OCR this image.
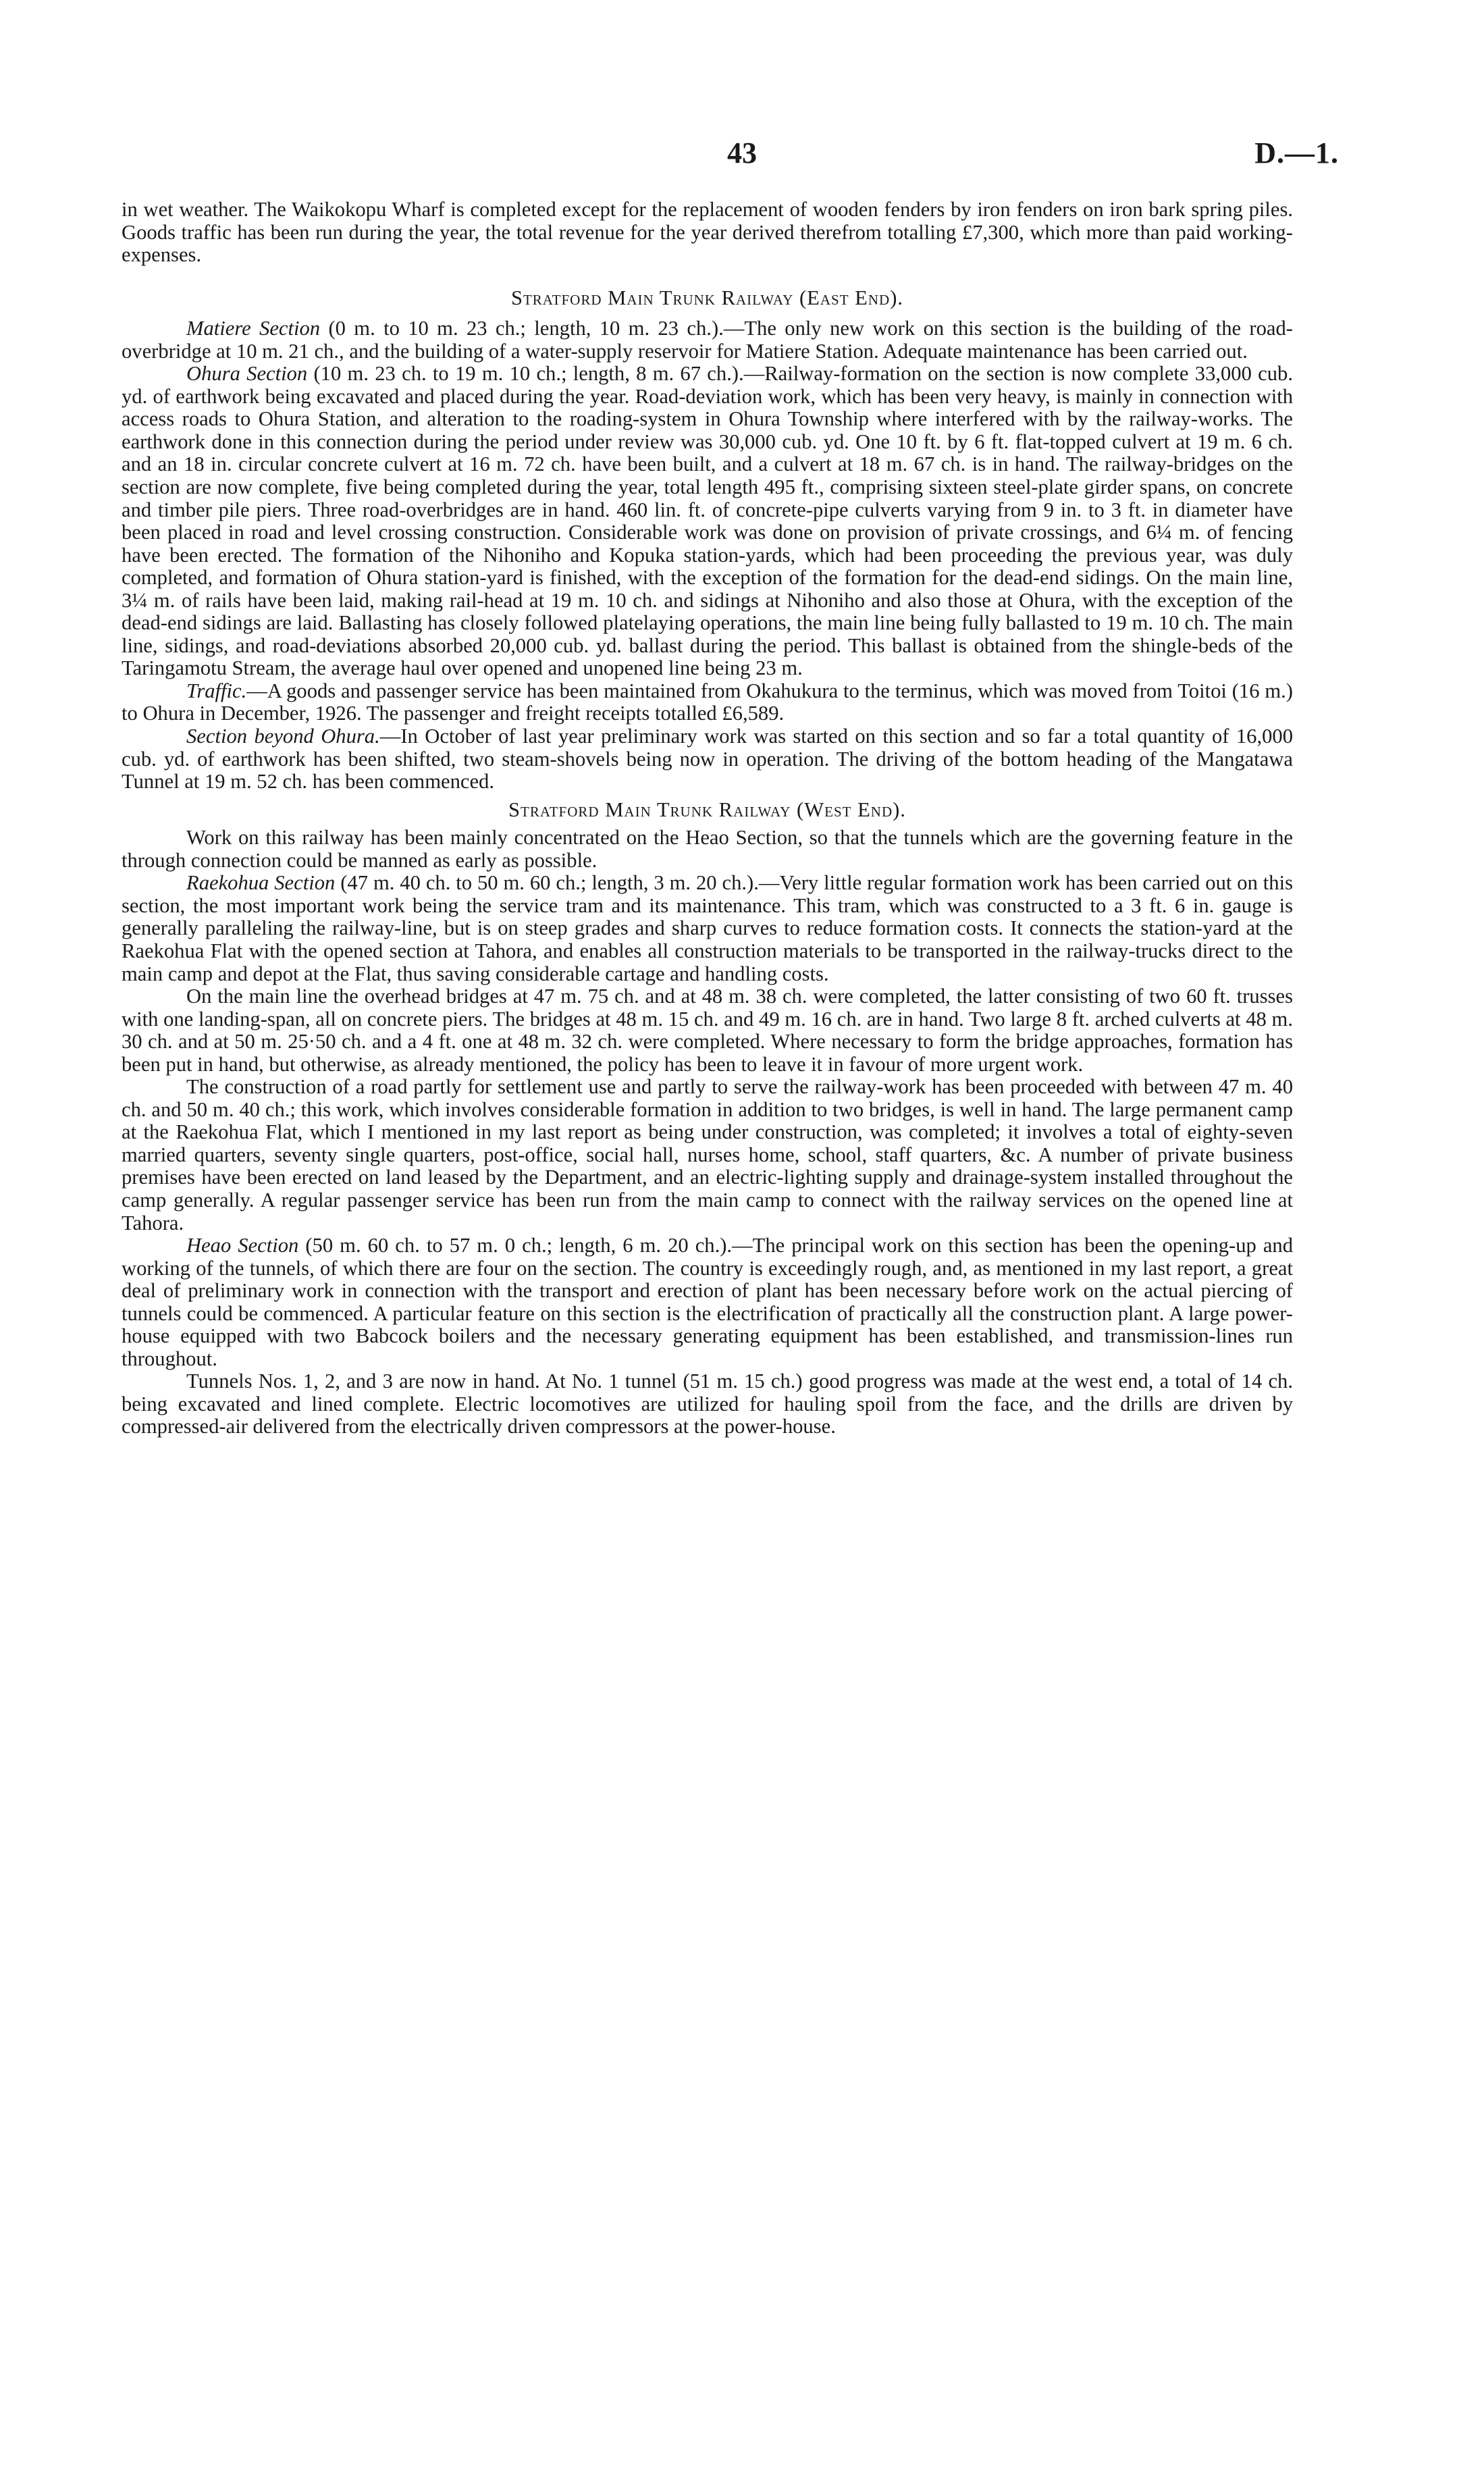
43	D.—1.

in wet weather. The Waikokopu Wharf is completed except for the replacement of wooden fenders by iron fenders on iron bark spring piles. Goods traffic has been run during the year, the total revenue for the year derived therefrom totalling £7,300, which more than paid working-expenses.

Stratford Main Trunk Railway (East End).

Matiere Section (0 m. to 10 m. 23 ch.; length, 10 m. 23 ch.).—The only new work on this section is the building of the road-overbridge at 10 m. 21 ch., and the building of a water-supply reservoir for Matiere Station. Adequate maintenance has been carried out.

Ohura Section (10 m. 23 ch. to 19 m. 10 ch.; length, 8 m. 67 ch.).—Railway-formation on the section is now complete 33,000 cub. yd. of earthwork being excavated and placed during the year. Road-deviation work, which has been very heavy, is mainly in connection with access roads to Ohura Station, and alteration to the roading-system in Ohura Township where interfered with by the railway-works. The earthwork done in this connection during the period under review was 30,000 cub. yd. One 10 ft. by 6 ft. flat-topped culvert at 19 m. 6 ch. and an 18 in. circular concrete culvert at 16 m. 72 ch. have been built, and a culvert at 18 m. 67 ch. is in hand. The railway-bridges on the section are now complete, five being completed during the year, total length 495 ft., comprising sixteen steel-plate girder spans, on concrete and timber pile piers. Three road-overbridges are in hand. 460 lin. ft. of concrete-pipe culverts varying from 9 in. to 3 ft. in diameter have been placed in road and level crossing construction. Considerable work was done on provision of private crossings, and 6¼ m. of fencing have been erected. The formation of the Nihoniho and Kopuka station-yards, which had been proceeding the previous year, was duly completed, and formation of Ohura station-yard is finished, with the exception of the formation for the dead-end sidings. On the main line, 3¼ m. of rails have been laid, making rail-head at 19 m. 10 ch. and sidings at Nihoniho and also those at Ohura, with the exception of the dead-end sidings are laid. Ballasting has closely followed platelaying operations, the main line being fully ballasted to 19 m. 10 ch. The main line, sidings, and road-deviations absorbed 20,000 cub. yd. ballast during the period. This ballast is obtained from the shingle-beds of the Taringamotu Stream, the average haul over opened and unopened line being 23 m.

Traffic.—A goods and passenger service has been maintained from Okahukura to the terminus, which was moved from Toitoi (16 m.) to Ohura in December, 1926. The passenger and freight receipts totalled £6,589.

Section beyond Ohura.—In October of last year preliminary work was started on this section and so far a total quantity of 16,000 cub. yd. of earthwork has been shifted, two steam-shovels being now in operation. The driving of the bottom heading of the Mangatawa Tunnel at 19 m. 52 ch. has been commenced.

Stratford Main Trunk Railway (West End).

Work on this railway has been mainly concentrated on the Heao Section, so that the tunnels which are the governing feature in the through connection could be manned as early as possible.

Raekohua Section (47 m. 40 ch. to 50 m. 60 ch.; length, 3 m. 20 ch.).—Very little regular formation work has been carried out on this section, the most important work being the service tram and its maintenance. This tram, which was constructed to a 3 ft. 6 in. gauge is generally paralleling the railway-line, but is on steep grades and sharp curves to reduce formation costs. It connects the station-yard at the Raekohua Flat with the opened section at Tahora, and enables all construction materials to be transported in the railway-trucks direct to the main camp and depot at the Flat, thus saving considerable cartage and handling costs.

On the main line the overhead bridges at 47 m. 75 ch. and at 48 m. 38 ch. were completed, the latter consisting of two 60 ft. trusses with one landing-span, all on concrete piers. The bridges at 48 m. 15 ch. and 49 m. 16 ch. are in hand. Two large 8 ft. arched culverts at 48 m. 30 ch. and at 50 m. 25·50 ch. and a 4 ft. one at 48 m. 32 ch. were completed. Where necessary to form the bridge approaches, formation has been put in hand, but otherwise, as already mentioned, the policy has been to leave it in favour of more urgent work.

The construction of a road partly for settlement use and partly to serve the railway-work has been proceeded with between 47 m. 40 ch. and 50 m. 40 ch.; this work, which involves considerable formation in addition to two bridges, is well in hand. The large permanent camp at the Raekohua Flat, which I mentioned in my last report as being under construction, was completed; it involves a total of eighty-seven married quarters, seventy single quarters, post-office, social hall, nurses home, school, staff quarters, &c. A number of private business premises have been erected on land leased by the Department, and an electric-lighting supply and drainage-system installed throughout the camp generally. A regular passenger service has been run from the main camp to connect with the railway services on the opened line at Tahora.

Heao Section (50 m. 60 ch. to 57 m. 0 ch.; length, 6 m. 20 ch.).—The principal work on this section has been the opening-up and working of the tunnels, of which there are four on the section. The country is exceedingly rough, and, as mentioned in my last report, a great deal of preliminary work in connection with the transport and erection of plant has been necessary before work on the actual piercing of tunnels could be commenced. A particular feature on this section is the electrification of practically all the construction plant. A large power-house equipped with two Babcock boilers and the necessary generating equipment has been established, and transmission-lines run throughout.

Tunnels Nos. 1, 2, and 3 are now in hand. At No. 1 tunnel (51 m. 15 ch.) good progress was made at the west end, a total of 14 ch. being excavated and lined complete. Electric locomotives are utilized for hauling spoil from the face, and the drills are driven by compressed-air delivered from the electrically driven compressors at the power-house.
